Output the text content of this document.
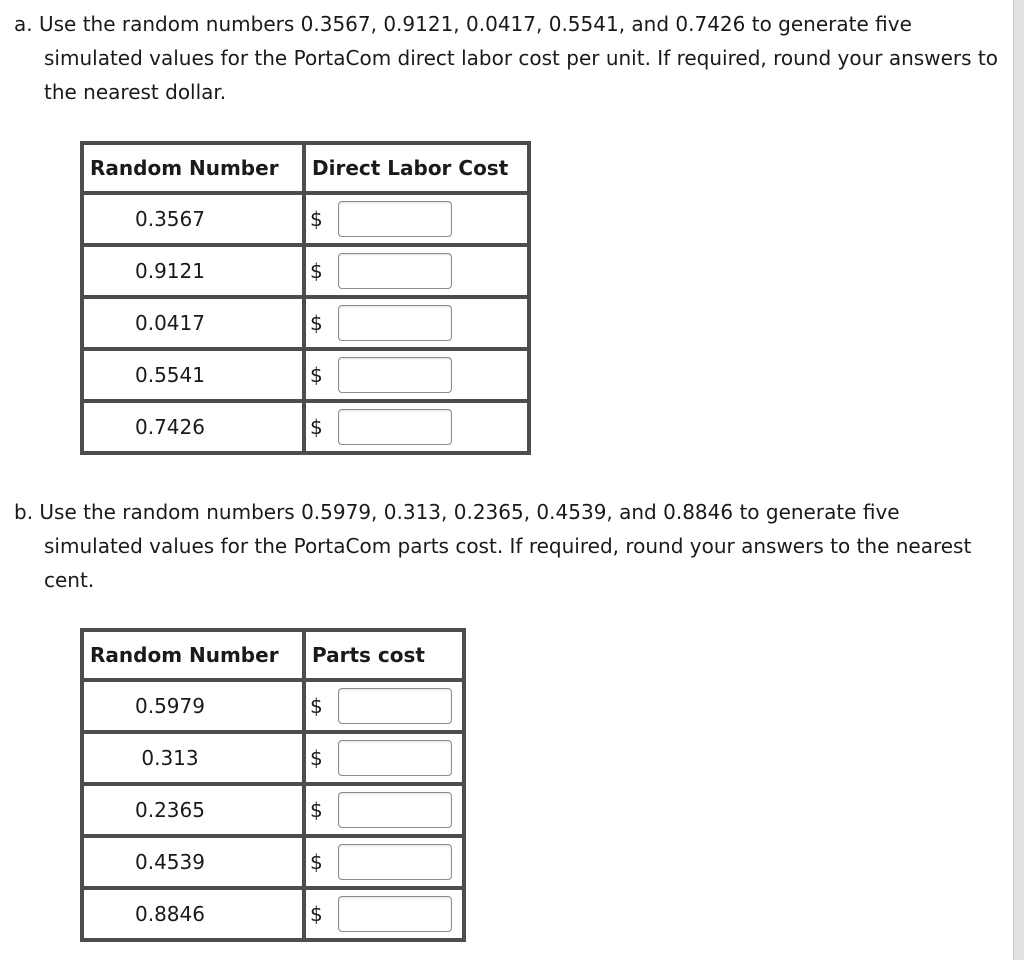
a. Use the random numbers 0.3567, 0.9121, 0.0417, 0.5541, and 0.7426 to generate five simulated values for the PortaCom direct labor cost per unit. If required, round your answers to the nearest dollar.
Random Number	Direct Labor Cost
0.3567	$

0.9121	$

0.0417	$

0.5541	$

0.7426	$
b. Use the random numbers 0.5979, 0.313, 0.2365, 0.4539, and 0.8846 to generate five simulated values for the PortaCom parts cost. If required, round your answers to the nearest cent.
Random Number	Parts cost
0.5979	$

0.313	$

0.2365	$

0.4539	$

0.8846	$
